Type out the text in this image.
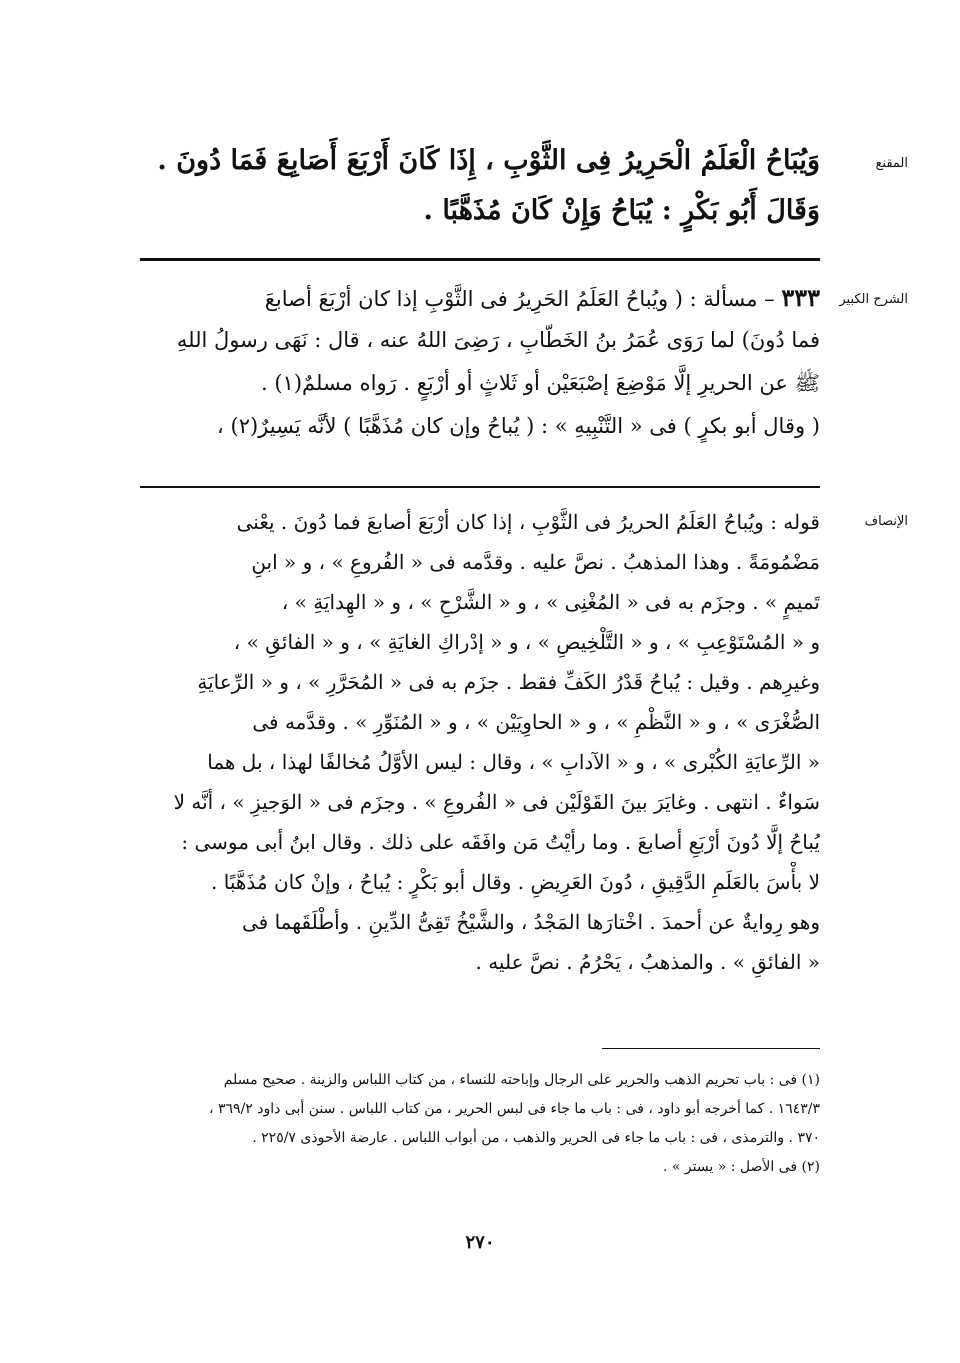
المقنع
وَيُبَاحُ الْعَلَمُ الْحَرِيرُ فِى الثَّوْبِ ، إِذَا كَانَ أَرْبَعَ أَصَابِعَ فَمَا دُونَ .
وَقَالَ أَبُو بَكْرٍ : يُبَاحُ وَإِنْ كَانَ مُذَهَّبًا .
الشرح الكبير
٣٣٣ – مسألة : ( ويُباحُ العَلَمُ الحَرِيرُ فى الثَّوْبِ إذا كان أرْبَعَ أصابعَ
فما دُونَ) لما رَوَى عُمَرُ بنُ الخَطّابِ ، رَضِىَ اللهُ عنه ، قال : نَهَى رسولُ اللهِ
ﷺ عن الحريرِ إلَّا مَوْضِعَ إصْبَعَيْن أو ثَلاثٍ أو أرْبَعٍ . رَواه مسلمٌ(١) .
( وقال أبو بكرٍ ) فى « التَّنْبِيهِ » : ( يُباحُ وإن كان مُذَهَّبًا ) لأنَّه يَسِيرٌ(٢) ،
الإنصاف
قوله : ويُباحُ العَلَمُ الحريرُ فى الثَّوْبِ ، إذا كان أرْبَعَ أصابعَ فما دُونَ . يعْنى
مَضْمُومَةً . وهذا المذهبُ . نصَّ عليه . وقدَّمه فى « الفُروعِ » ، و « ابنِ
تَميمٍ » . وجزَم به فى « المُغْنِى » ، و « الشَّرْحِ » ، و « الهِدايَةِ » ،
و « المُسْتَوْعِبِ » ، و « التَّلْخِيصِ » ، و « إدْراكِ الغايَةِ » ، و « الفائقِ » ،
وغيرِهم . وقيل : يُباحُ قَدْرُ الكَفِّ فقط . جزَم به فى « المُحَرَّرِ » ، و « الرِّعايَةِ
الصُّغْرَى » ، و « النَّظْمِ » ، و « الحاوِيَيْن » ، و « المُنَوِّرِ » . وقدَّمه فى
« الرِّعايَةِ الكُبْرى » ، و « الآدابِ » ، وقال : ليس الأوَّلُ مُخالفًا لهذا ، بل هما
سَواءٌ . انتهى . وغايَرَ بينَ القَوْلَيْن فى « الفُروعِ » . وجزَم فى « الوَجيزِ » ، أنَّه لا
يُباحُ إلَّا دُونَ أرْبَعِ أصابعَ . وما رأيْتُ مَن وافَقَه على ذلك . وقال ابنُ أبى موسى :
لا بأْسَ بالعَلَمِ الدَّقِيقِ ، دُونَ العَرِيضِ . وقال أبو بَكْرٍ : يُباحُ ، وإنْ كان مُذَهَّبًا .
وهو رِوايةٌ عن أحمدَ . اخْتارَها المَجْدُ ، والشَّيْخُ تَقِىُّ الدِّينِ . وأطْلَقَهما فى
« الفائقِ » . والمذهبُ ، يَحْرُمُ . نصَّ عليه .
(١) فى : باب تحريم الذهب والحرير على الرجال وإباحته للنساء ، من كتاب اللباس والزينة . صحيح مسلم
١٦٤٣/٣ . كما أخرجه أبو داود ، فى : باب ما جاء فى لبس الحرير ، من كتاب اللباس . سنن أبى داود ٣٦٩/٢ ،
٣٧٠ . والترمذى ، فى : باب ما جاء فى الحرير والذهب ، من أبواب اللباس . عارضة الأحوذى ٢٢٥/٧ .
(٢) فى الأصل : « يستر » .
٢٧٠
